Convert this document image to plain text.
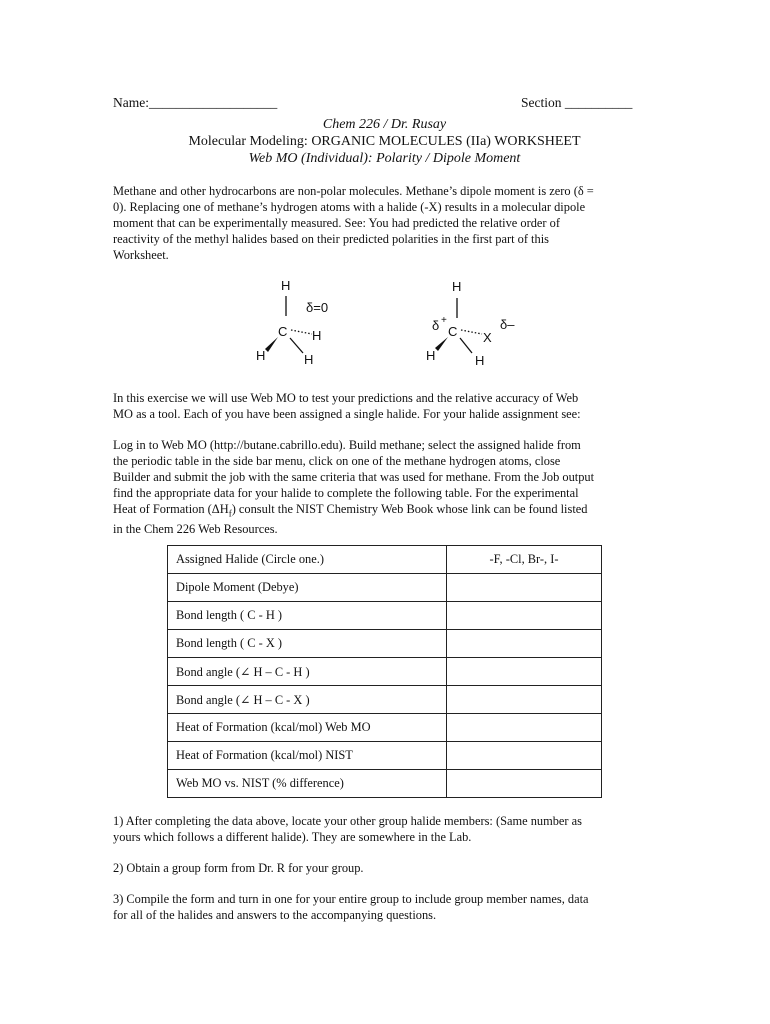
Name:___________________	Section __________
Chem 226 / Dr. Rusay
Molecular Modeling: ORGANIC MOLECULES (IIa) WORKSHEET
Web MO (Individual): Polarity / Dipole Moment
Methane and other hydrocarbons are non-polar molecules. Methane’s dipole moment is zero (δ =
0). Replacing one of methane’s hydrogen atoms with a halide (-X) results in a molecular dipole
moment that can be experimentally measured. See: You had predicted the relative order of
reactivity of the methyl halides based on their predicted polarities in the first part of this
Worksheet.
H
δ=0
C H
H	H
H
δ +
C X
δ–
H	H
In this exercise we will use Web MO to test your predictions and the relative accuracy of Web
MO as a tool. Each of you have been assigned a single halide. For your halide assignment see:
Log in to Web MO (http://butane.cabrillo.edu). Build methane; select the assigned halide from
the periodic table in the side bar menu, click on one of the methane hydrogen atoms, close
Builder and submit the job with the same criteria that was used for methane. From the Job output
find the appropriate data for your halide to complete the following table. For the experimental
Heat of Formation $(\Delta H_f)$ consult the NIST Chemistry Web Book whose link can be found listed
in the Chem 226 Web Resources.
Assigned Halide (Circle one.)	-F, -Cl, Br-, I-
Dipole Moment (Debye)	
Bond length ( C - H )	
Bond length ( C - X )	
Bond angle (∠ H – C - H )	
Bond angle (∠ H – C - X )	
Heat of Formation (kcal/mol) Web MO	
Heat of Formation (kcal/mol) NIST	
Web MO vs. NIST (% difference)	
1) After completing the data above, locate your other group halide members: (Same number as
yours which follows a different halide). They are somewhere in the Lab.
2) Obtain a group form from Dr. R for your group.
3) Compile the form and turn in one for your entire group to include group member names, data
for all of the halides and answers to the accompanying questions.
